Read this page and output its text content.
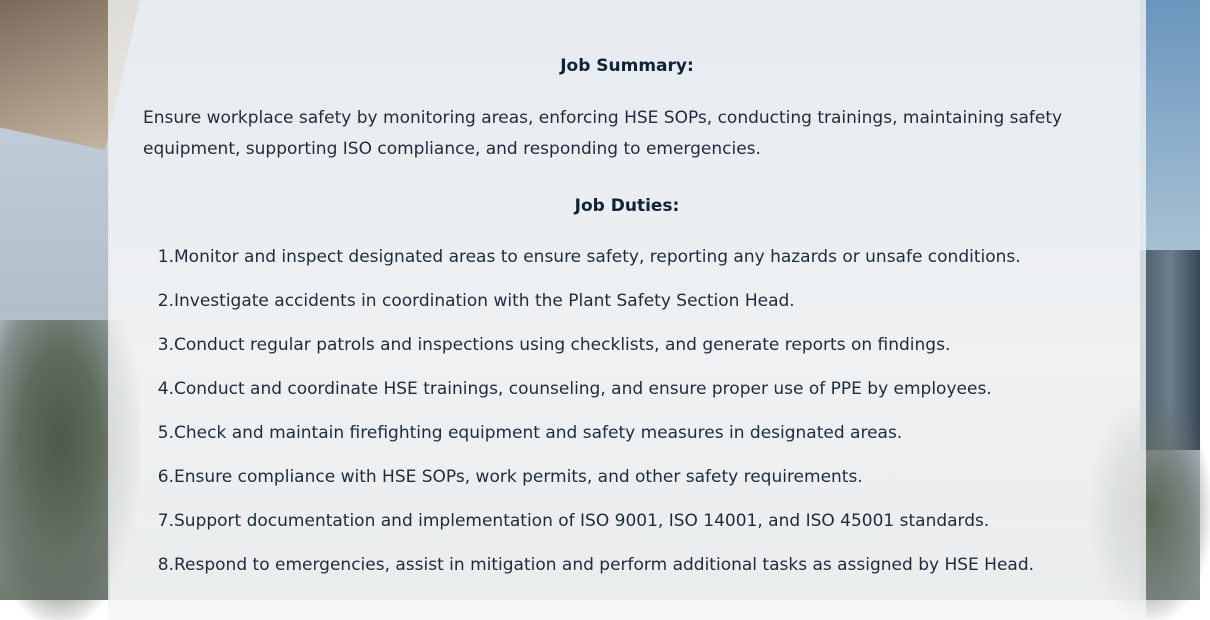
Job Summary:
Ensure workplace safety by monitoring areas, enforcing HSE SOPs, conducting trainings, maintaining safety equipment, supporting ISO compliance, and responding to emergencies.
Job Duties:
1. Monitor and inspect designated areas to ensure safety, reporting any hazards or unsafe conditions.
2. Investigate accidents in coordination with the Plant Safety Section Head.
3. Conduct regular patrols and inspections using checklists, and generate reports on findings.
4. Conduct and coordinate HSE trainings, counseling, and ensure proper use of PPE by employees.
5. Check and maintain firefighting equipment and safety measures in designated areas.
6. Ensure compliance with HSE SOPs, work permits, and other safety requirements.
7. Support documentation and implementation of ISO 9001, ISO 14001, and ISO 45001 standards.
8. Respond to emergencies, assist in mitigation and perform additional tasks as assigned by HSE Head.
